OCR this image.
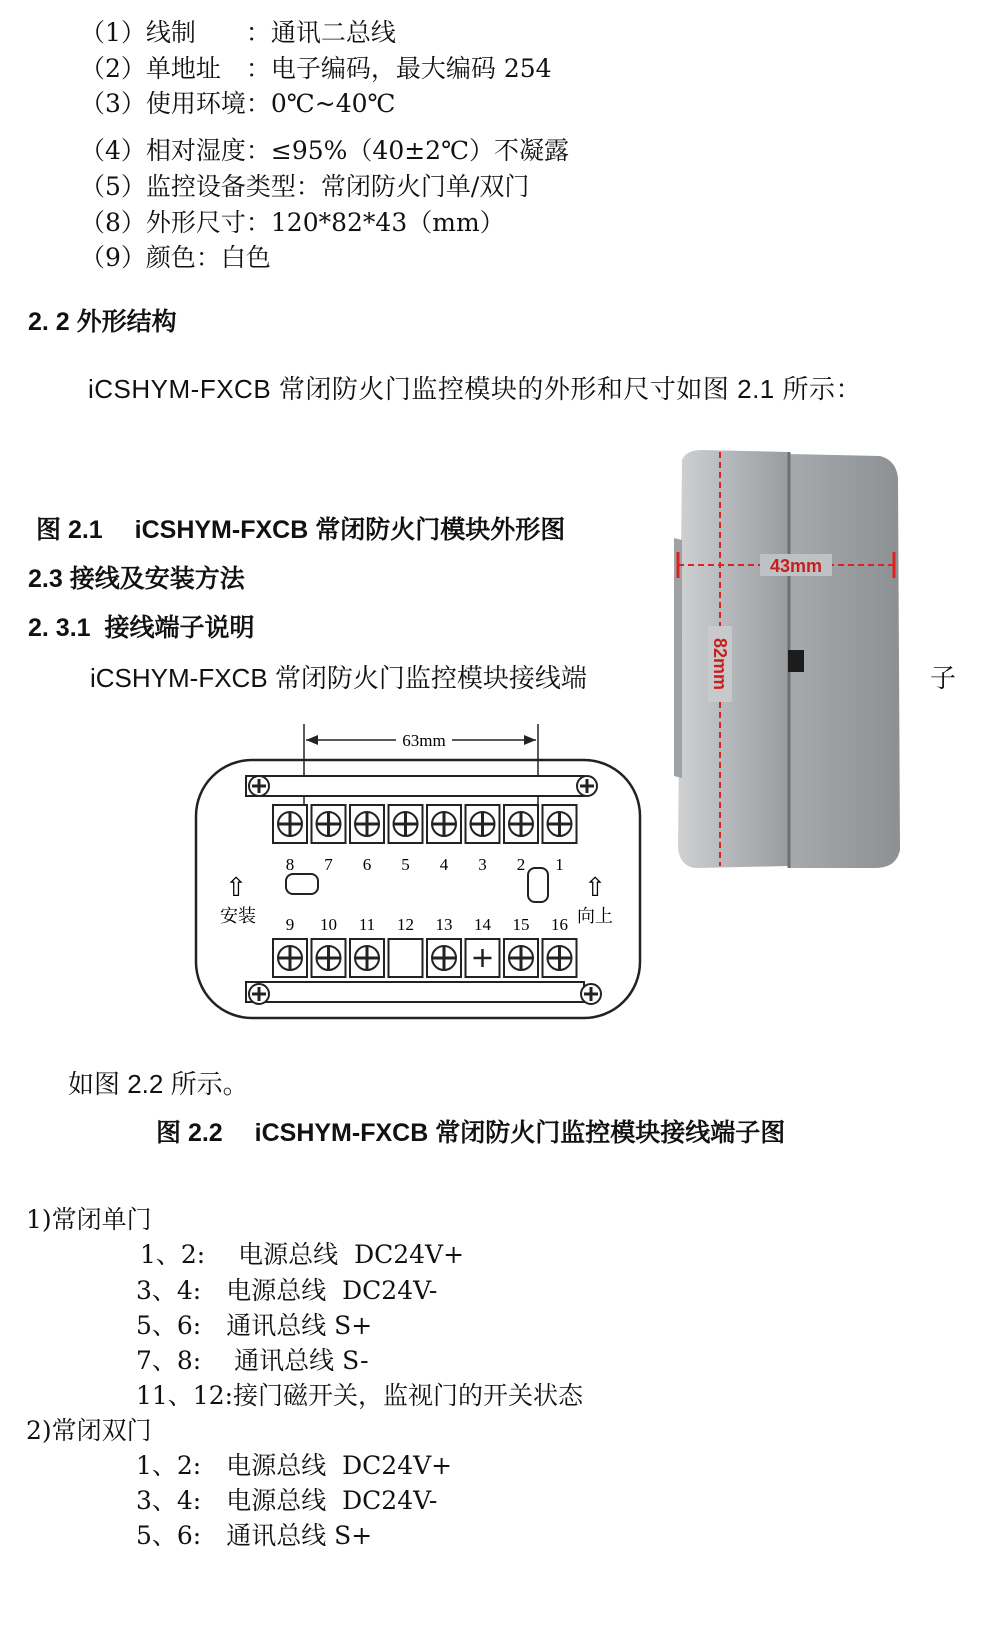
（1）线制　　：通讯二总线
（2）单地址　：电子编码，最大编码 254
（3）使用环境：0℃~40℃
（4）相对湿度：≤95%（40±2℃）不凝露
（5）监控设备类型：常闭防火门单/双门
（8）外形尺寸：120*82*43（mm）
（9）颜色：白色
2. 2 外形结构
iCSHYM-FXCB 常闭防火门监控模块的外形和尺寸如图 2.1 所示：
图 2.1　 iCSHYM-FXCB 常闭防火门模块外形图
2.3 接线及安装方法
2. 3.1  接线端子说明
iCSHYM-FXCB 常闭防火门监控模块接线端	子
43mm
82mm
63mm
8 7 6 5 4 3 2 1
9 10 11 12 13 14 15 16
⇧
安装
⇧
向上
如图 2.2 所示。
图 2.2　 iCSHYM-FXCB 常闭防火门监控模块接线端子图
1)常闭单门
1、2:　 电源总线  DC24V+
3、4:　电源总线  DC24V-
5、6:　通讯总线 S+
7、8:　 通讯总线 S-
11、12:接门磁开关，监视门的开关状态
2)常闭双门
1、2:　电源总线  DC24V+
3、4:　电源总线  DC24V-
5、6:　通讯总线 S+
